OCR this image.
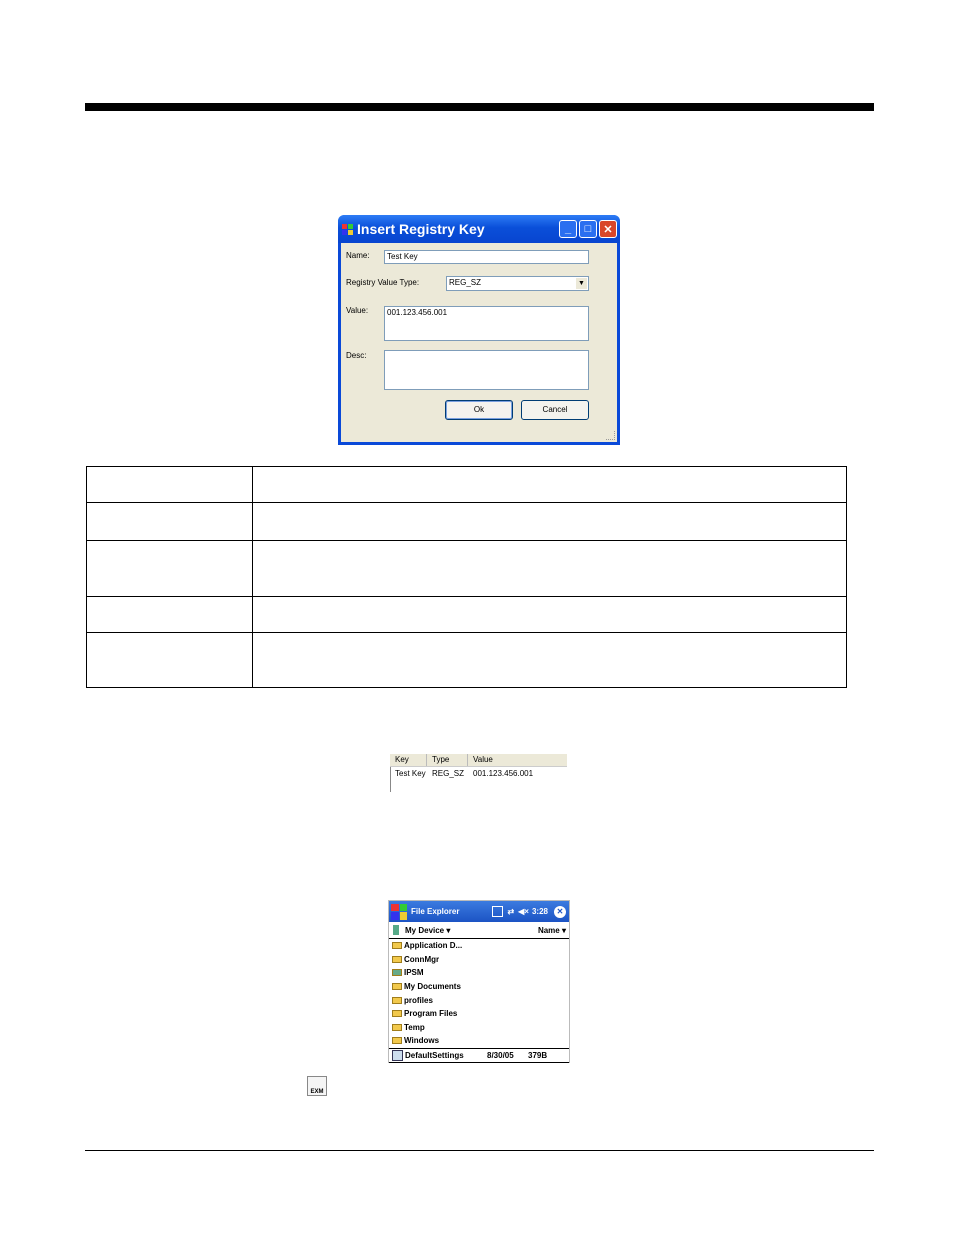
Insert Registry Key	_	□	✕
Name:	Test Key
Registry Value Type:	REG_SZ	▼
Value:	001.123.456.001
Desc:
Ok	Cancel

Key	Type	Value
Test Key REG_SZ	001.123.456.001
File Explorer	⇄ ◀× 3:28	✕
My Device ▾	Name ▾
Application D...
ConnMgr
IPSM
My Documents
profiles
Program Files
Temp
Windows
DefaultSettings	8/30/05	379B
EXM
